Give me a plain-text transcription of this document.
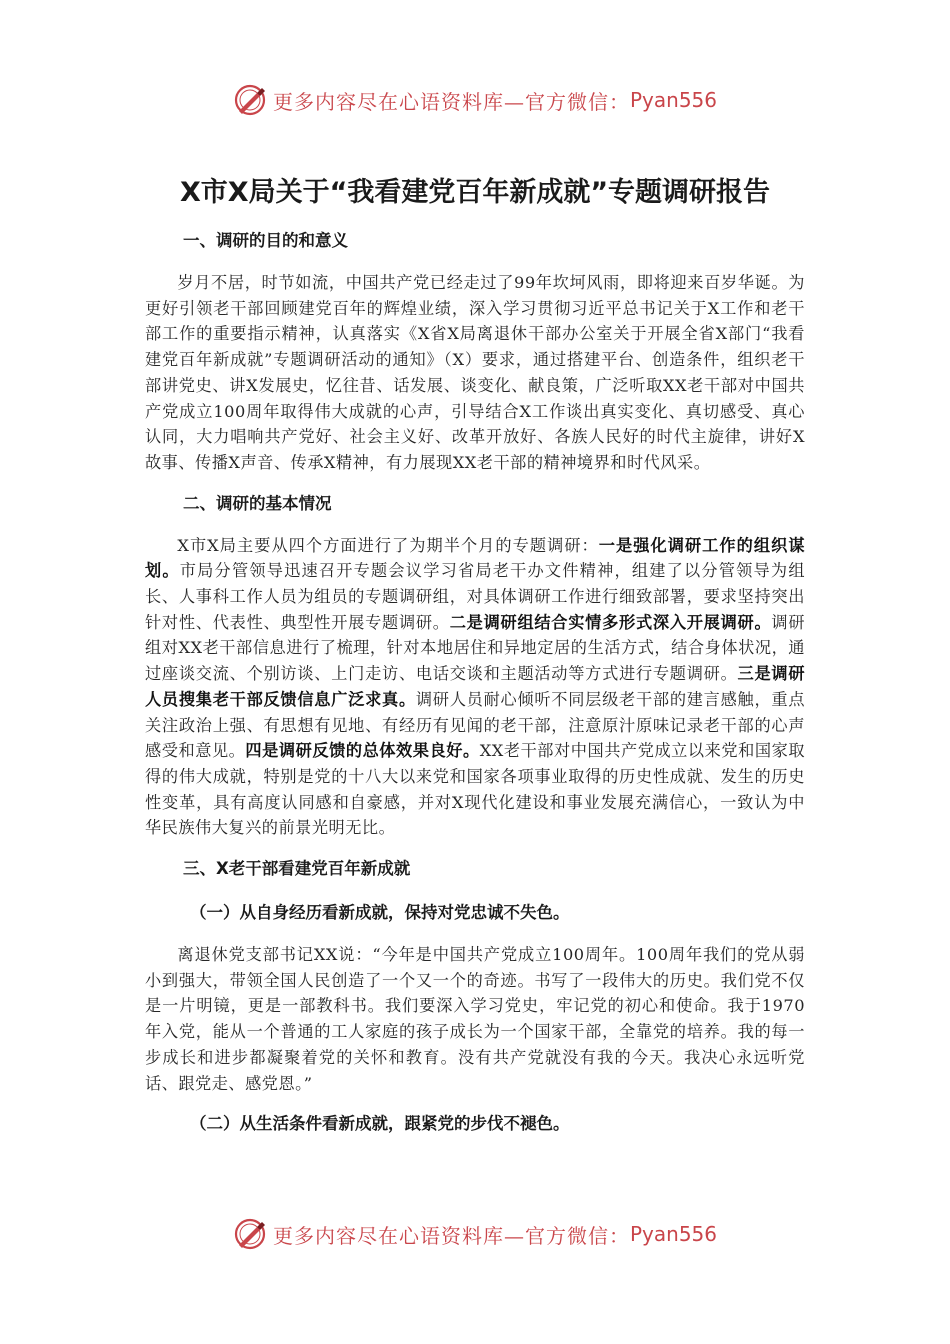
更多内容尽在心语资料库—官方微信： Pyan556
X市X局关于“我看建党百年新成就”专题调研报告

一、调研的目的和意义

岁月不居，时节如流，中国共产党已经走过了99年坎坷风雨，即将迎来百岁华诞。为更好引领老干部回顾建党百年的辉煌业绩，深入学习贯彻习近平总书记关于X工作和老干部工作的重要指示精神，认真落实《X省X局离退休干部办公室关于开展全省X部门“我看建党百年新成就”专题调研活动的通知》（X）要求，通过搭建平台、创造条件，组织老干部讲党史、讲X发展史，忆往昔、话发展、谈变化、献良策，广泛听取XX老干部对中国共产党成立100周年取得伟大成就的心声，引导结合X工作谈出真实变化、真切感受、真心认同，大力唱响共产党好、社会主义好、改革开放好、各族人民好的时代主旋律，讲好X故事、传播X声音、传承X精神，有力展现XX老干部的精神境界和时代风采。

二、调研的基本情况

X市X局主要从四个方面进行了为期半个月的专题调研：一是强化调研工作的组织谋划。市局分管领导迅速召开专题会议学习省局老干办文件精神，组建了以分管领导为组长、人事科工作人员为组员的专题调研组，对具体调研工作进行细致部署，要求坚持突出针对性、代表性、典型性开展专题调研。二是调研组结合实情多形式深入开展调研。调研组对XX老干部信息进行了梳理，针对本地居住和异地定居的生活方式，结合身体状况，通过座谈交流、个别访谈、上门走访、电话交谈和主题活动等方式进行专题调研。三是调研人员搜集老干部反馈信息广泛求真。调研人员耐心倾听不同层级老干部的建言感触，重点关注政治上强、有思想有见地、有经历有见闻的老干部，注意原汁原味记录老干部的心声感受和意见。四是调研反馈的总体效果良好。XX老干部对中国共产党成立以来党和国家取得的伟大成就，特别是党的十八大以来党和国家各项事业取得的历史性成就、发生的历史性变革，具有高度认同感和自豪感，并对X现代化建设和事业发展充满信心，一致认为中华民族伟大复兴的前景光明无比。

三、X老干部看建党百年新成就

（一）从自身经历看新成就，保持对党忠诚不失色。

离退休党支部书记XX说：“今年是中国共产党成立100周年。100周年我们的党从弱小到强大，带领全国人民创造了一个又一个的奇迹。书写了一段伟大的历史。我们党不仅是一片明镜，更是一部教科书。我们要深入学习党史，牢记党的初心和使命。我于1970年入党，能从一个普通的工人家庭的孩子成长为一个国家干部，全靠党的培养。我的每一步成长和进步都凝聚着党的关怀和教育。没有共产党就没有我的今天。我决心永远听党话、跟党走、感党恩。”

（二）从生活条件看新成就，跟紧党的步伐不褪色。

更多内容尽在心语资料库—官方微信： Pyan556
